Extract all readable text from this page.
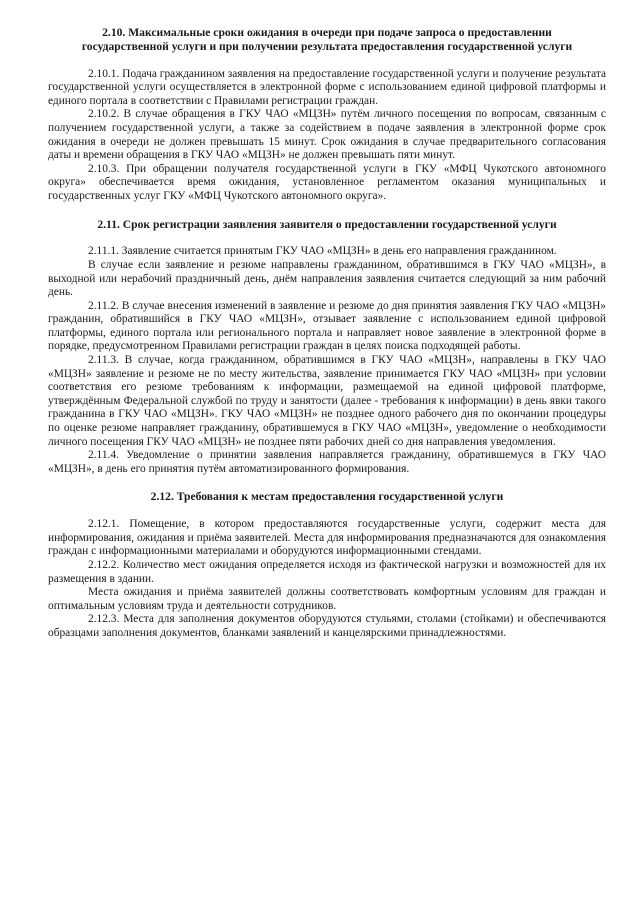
2.10. Максимальные сроки ожидания в очереди при подаче запроса о предоставлении государственной услуги и при получении результата предоставления государственной услуги

2.10.1. Подача гражданином заявления на предоставление государственной услуги и получение результата государственной услуги осуществляется в электронной форме с использованием единой цифровой платформы и единого портала в соответствии с Правилами регистрации граждан.

2.10.2. В случае обращения в ГКУ ЧАО «МЦЗН» путём личного посещения по вопросам, связанным с получением государственной услуги, а также за содействием в подаче заявления в электронной форме срок ожидания в очереди не должен превышать 15 минут. Срок ожидания в случае предварительного согласования даты и времени обращения в ГКУ ЧАО «МЦЗН» не должен превышать пяти минут.

2.10.3. При обращении получателя государственной услуги в ГКУ «МФЦ Чукотского автономного округа» обеспечивается время ожидания, установленное регламентом оказания муниципальных и государственных услуг ГКУ «МФЦ Чукотского автономного округа».

2.11. Срок регистрации заявления заявителя о предоставлении государственной услуги

2.11.1. Заявление считается принятым ГКУ ЧАО «МЦЗН» в день его направления гражданином.

В случае если заявление и резюме направлены гражданином, обратившимся в ГКУ ЧАО «МЦЗН», в выходной или нерабочий праздничный день, днём направления заявления считается следующий за ним рабочий день.

2.11.2. В случае внесения изменений в заявление и резюме до дня принятия заявления ГКУ ЧАО «МЦЗН» гражданин, обратившийся в ГКУ ЧАО «МЦЗН», отзывает заявление с использованием единой цифровой платформы, единого портала или регионального портала и направляет новое заявление в электронной форме в порядке, предусмотренном Правилами регистрации граждан в целях поиска подходящей работы.

2.11.3. В случае, когда гражданином, обратившимся в ГКУ ЧАО «МЦЗН», направлены в ГКУ ЧАО «МЦЗН» заявление и резюме не по месту жительства, заявление принимается ГКУ ЧАО «МЦЗН» при условии соответствия его резюме требованиям к информации, размещаемой на единой цифровой платформе, утверждённым Федеральной службой по труду и занятости (далее - требования к информации) в день явки такого гражданина в ГКУ ЧАО «МЦЗН». ГКУ ЧАО «МЦЗН» не позднее одного рабочего дня по окончании процедуры по оценке резюме направляет гражданину, обратившемуся в ГКУ ЧАО «МЦЗН», уведомление о необходимости личного посещения ГКУ ЧАО «МЦЗН» не позднее пяти рабочих дней со дня направления уведомления.

2.11.4. Уведомление о принятии заявления направляется гражданину, обратившемуся в ГКУ ЧАО «МЦЗН», в день его принятия путём автоматизированного формирования.

2.12. Требования к местам предоставления государственной услуги

2.12.1. Помещение, в котором предоставляются государственные услуги, содержит места для информирования, ожидания и приёма заявителей. Места для информирования предназначаются для ознакомления граждан с информационными материалами и оборудуются информационными стендами.

2.12.2. Количество мест ожидания определяется исходя из фактической нагрузки и возможностей для их размещения в здании.

Места ожидания и приёма заявителей должны соответствовать комфортным условиям для граждан и оптимальным условиям труда и деятельности сотрудников.

2.12.3. Места для заполнения документов оборудуются стульями, столами (стойками) и обеспечиваются образцами заполнения документов, бланками заявлений и канцелярскими принадлежностями.
